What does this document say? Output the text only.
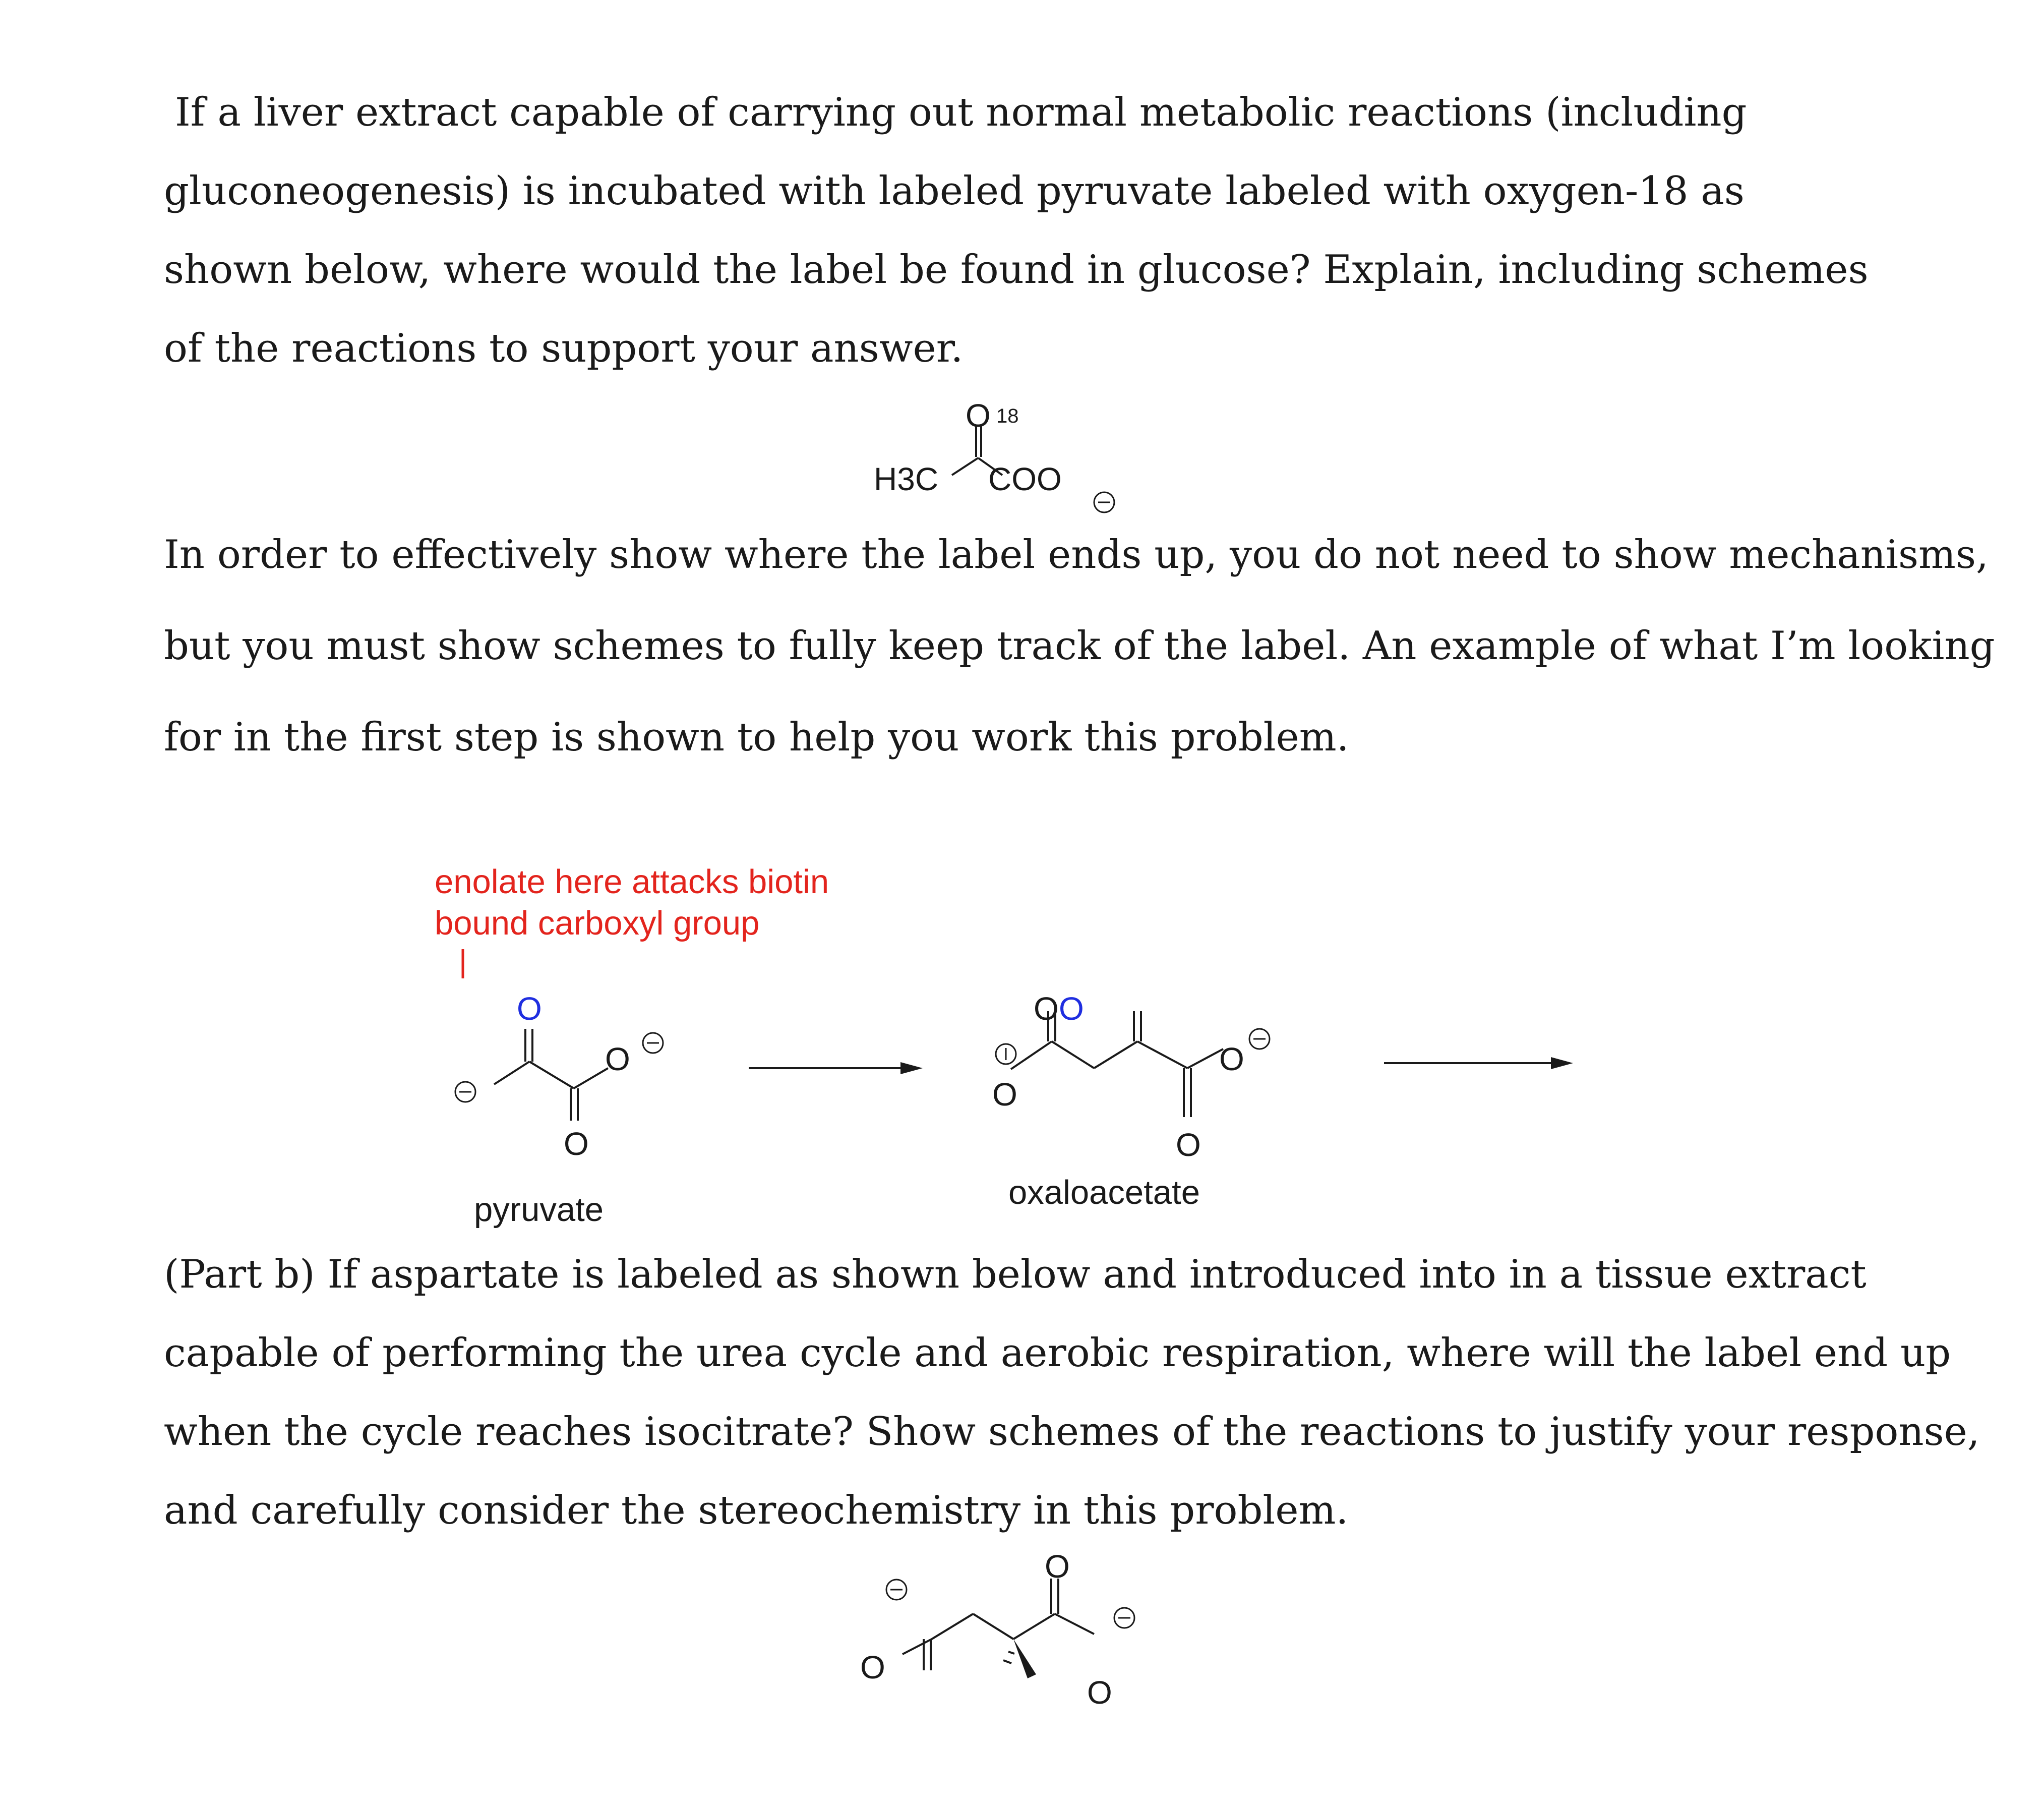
If a liver extract capable of carrying out normal metabolic reactions (including
gluconeogenesis) is incubated with labeled pyruvate labeled with oxygen-18 as
shown below, where would the label be found in glucose? Explain, including schemes
of the reactions to support your answer.
H3C COO
O 18
In order to effectively show where the label ends up, you do not need to show mechanisms,
but you must show schemes to fully keep track of the label. An example of what I’m looking
for in the first step is shown to help you work this problem.
enolate here attacks biotin
bound carboxyl group
O
O
O
O O
O
O
O
oxaloacetate
pyruvate
(Part b) If aspartate is labeled as shown below and introduced into in a tissue extract
capable of performing the urea cycle and aerobic respiration, where will the label end up
when the cycle reaches isocitrate? Show schemes of the reactions to justify your response,
and carefully consider the stereochemistry in this problem.
O
O
O
